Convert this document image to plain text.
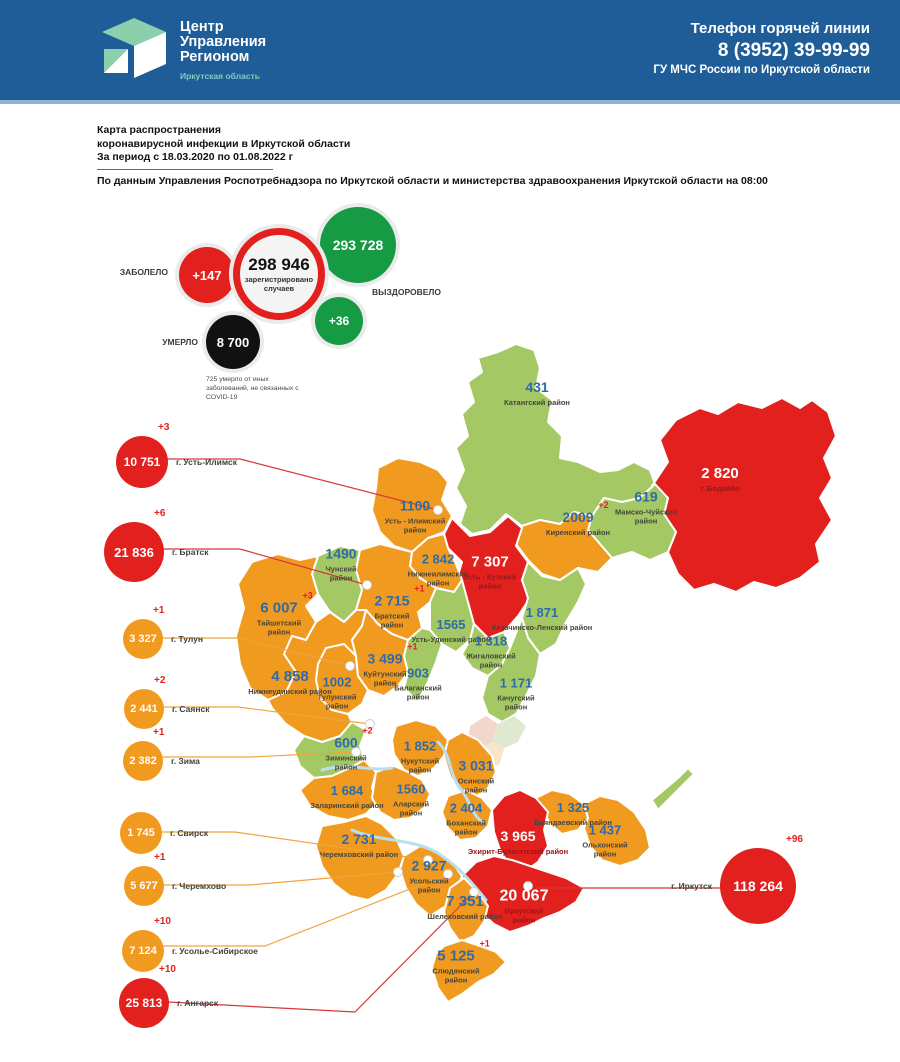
Центр
Управления
Регионом
Иркутская область
Телефон горячей линии
8 (3952) 39-99-99
ГУ МЧС России по Иркутской области
Карта распространения
коронавирусной инфекции в Иркутской области
За период с 18.03.2020 по 01.08.2022 г
По данным Управления Роспотребнадзора по Иркутской области и министерства здравоохранения Иркутской области на 08:00
ЗАБОЛЕЛО	+147
298 946
зарегистрировано случаев
293 728
+36
ВЫЗДОРОВЕЛО
8 700
УМЕРЛО
725 умерло от иных заболеваний, не связанных с COVID-19
431
Катангский район
2 820
г. Бодайбо
619
Мамско-Чуйский район
2009
+2
Киренский район
1100
Усть - Илимский район
2 842
Нижнеилимский район
7 307
Усть - Кутский район
1 871
Казачинско-Ленский район
1490
Чунский район
2 715
+1
Братский район	1565
Усть-Удинский район
1 318
Жигаловский район
6 007
+3
Тайшетский район
4 858
Нижнеудинский район
3 499
+1
Куйтунский район
1002
Тулунский район
903
Балаганский район
1 171
Качугский район
600
+2
Зиминский район
1 852
Нукутский район	3 031
Осинский район
1 684
Заларинский район
1560
Аларский район	2 404
Боханский район
1 325
Баяндаевский район
1 437
Ольхонский район
3 965
Эхирит-Булагатский район
2 731
Черемховский район
2 927
Усольский район	20 067
+7
Иркутский район
7 351
Шелеховский район
5 125
+1
Слюдянский район
10 751
+3
г. Усть-Илимск
21 836
+6
г. Братск
3 327
+1
г. Тулун
2 441
+2
г. Саянск
2 382
+1
г. Зима
1 745 г. Свирск
5 677
+1
г. Черемхово
7 124
+10
г. Усолье-Сибирское
25 813
+10
г. Ангарск
118 264
+96
г. Иркутск
